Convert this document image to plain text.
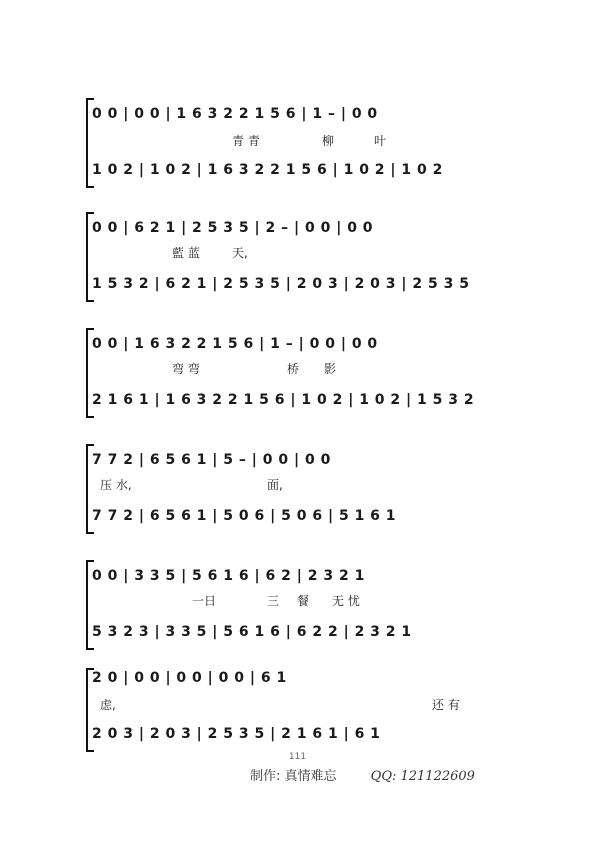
0 0 | 0 0 | 1 6 3 2 2 1 5 6 | 1 – | 0 0
青 青	柳	叶
1 0 2 | 1 0 2 | 1 6 3 2 2 1 5 6 | 1 0 2 | 1 0 2
0 0 | 6 2 1 | 2 5 3 5 | 2 – | 0 0 | 0 0
藍 蓝	天,
1 5 3 2 | 6 2 1 | 2 5 3 5 | 2 0 3 | 2 0 3 | 2 5 3 5
0 0 | 1 6 3 2 2 1 5 6 | 1 – | 0 0 | 0 0
弯 弯	桥 影
2 1 6 1 | 1 6 3 2 2 1 5 6 | 1 0 2 | 1 0 2 | 1 5 3 2
7 7 2 | 6 5 6 1 | 5 – | 0 0 | 0 0
压 水,	面,
7 7 2 | 6 5 6 1 | 5 0 6 | 5 0 6 | 5 1 6 1
0 0 | 3 3 5 | 5 6 1 6 | 6 2 | 2 3 2 1
一日	三 餐 无 忧
5 3 2 3 | 3 3 5 | 5 6 1 6 | 6 2 2 | 2 3 2 1
2 0 | 0 0 | 0 0 | 0 0 | 6 1
虑,	还 有
2 0 3 | 2 0 3 | 2 5 3 5 | 2 1 6 1 | 6 1
111
制作: 真情难忘	QQ: 121122609
